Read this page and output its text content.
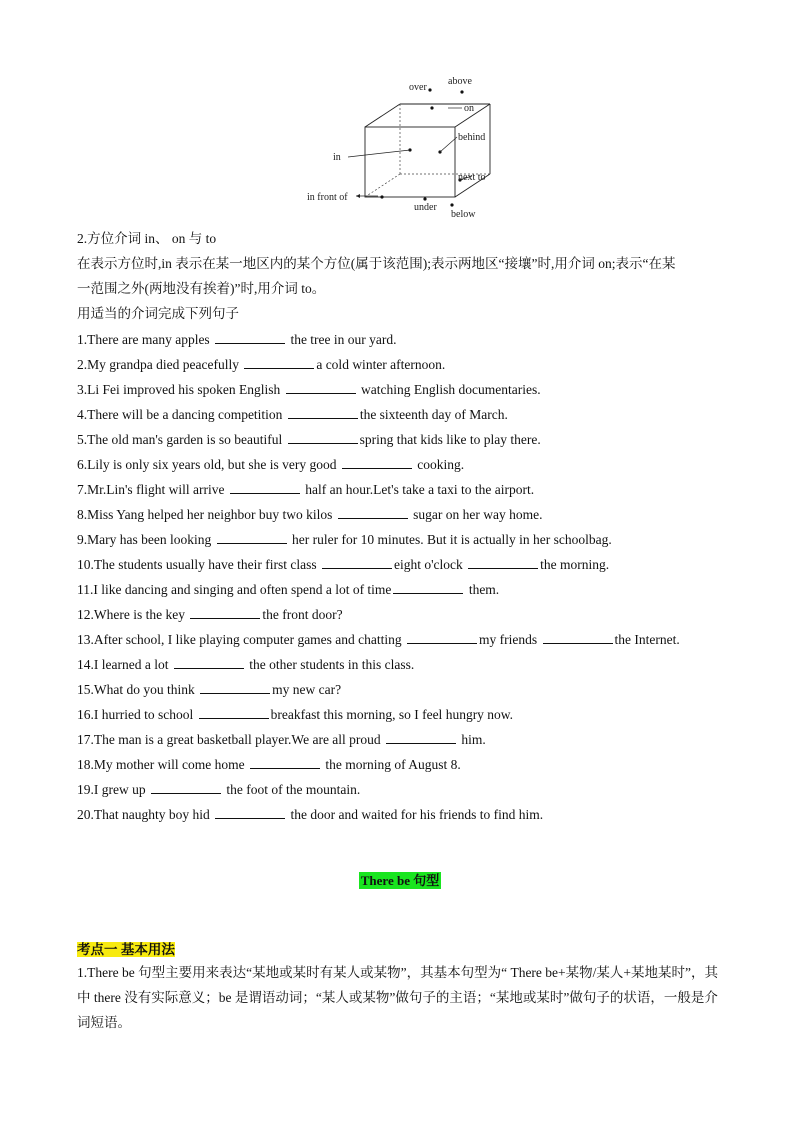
over
above
on
behind
in
next to
in front of
under
below
2.方位介词 in、 on 与 to
在表示方位时,in 表示在某一地区内的某个方位(属于该范围);表示两地区“接壤”时,用介词 on;表示“在某
一范围之外(两地没有挨着)”时,用介词 to。
用适当的介词完成下列句子
1.There are many apples	the tree in our yard.
2.My grandpa died peacefully	a cold winter afternoon.
3.Li Fei improved his spoken English	watching English documentaries.
4.There will be a dancing competition	the sixteenth day of March.
5.The old man's garden is so beautiful	spring that kids like to play there.
6.Lily is only six years old, but she is very good	cooking.
7.Mr.Lin's flight will arrive	half an hour.Let's take a taxi to the airport.
8.Miss Yang helped her neighbor buy two kilos	sugar on her way home.
9.Mary has been looking	her ruler for 10 minutes. But it is actually in her schoolbag.
10.The students usually have their first class	eight o'clock	the morning.
11.I like dancing and singing and often spend a lot of time	them.
12.Where is the key	the front door?
13.After school, I like playing computer games and chatting	my friends	the Internet.
14.I learned a lot	the other students in this class.
15.What do you think	my new car?
16.I hurried to school	breakfast this morning, so I feel hungry now.
17.The man is a great basketball player.We are all proud	him.
18.My mother will come home	the morning of August 8.
19.I grew up	the foot of the mountain.
20.That naughty boy hid	the door and waited for his friends to find him.
There be 句型
考点一 基本用法
1.There be 句型主要用来表达“某地或某时有某人或某物”，其基本句型为“ There be+某物/某人+某地某时”，其中 there 没有实际意义；be 是谓语动词；“某人或某物”做句子的主语；“某地或某时”做句子的状语，一般是介词短语。
